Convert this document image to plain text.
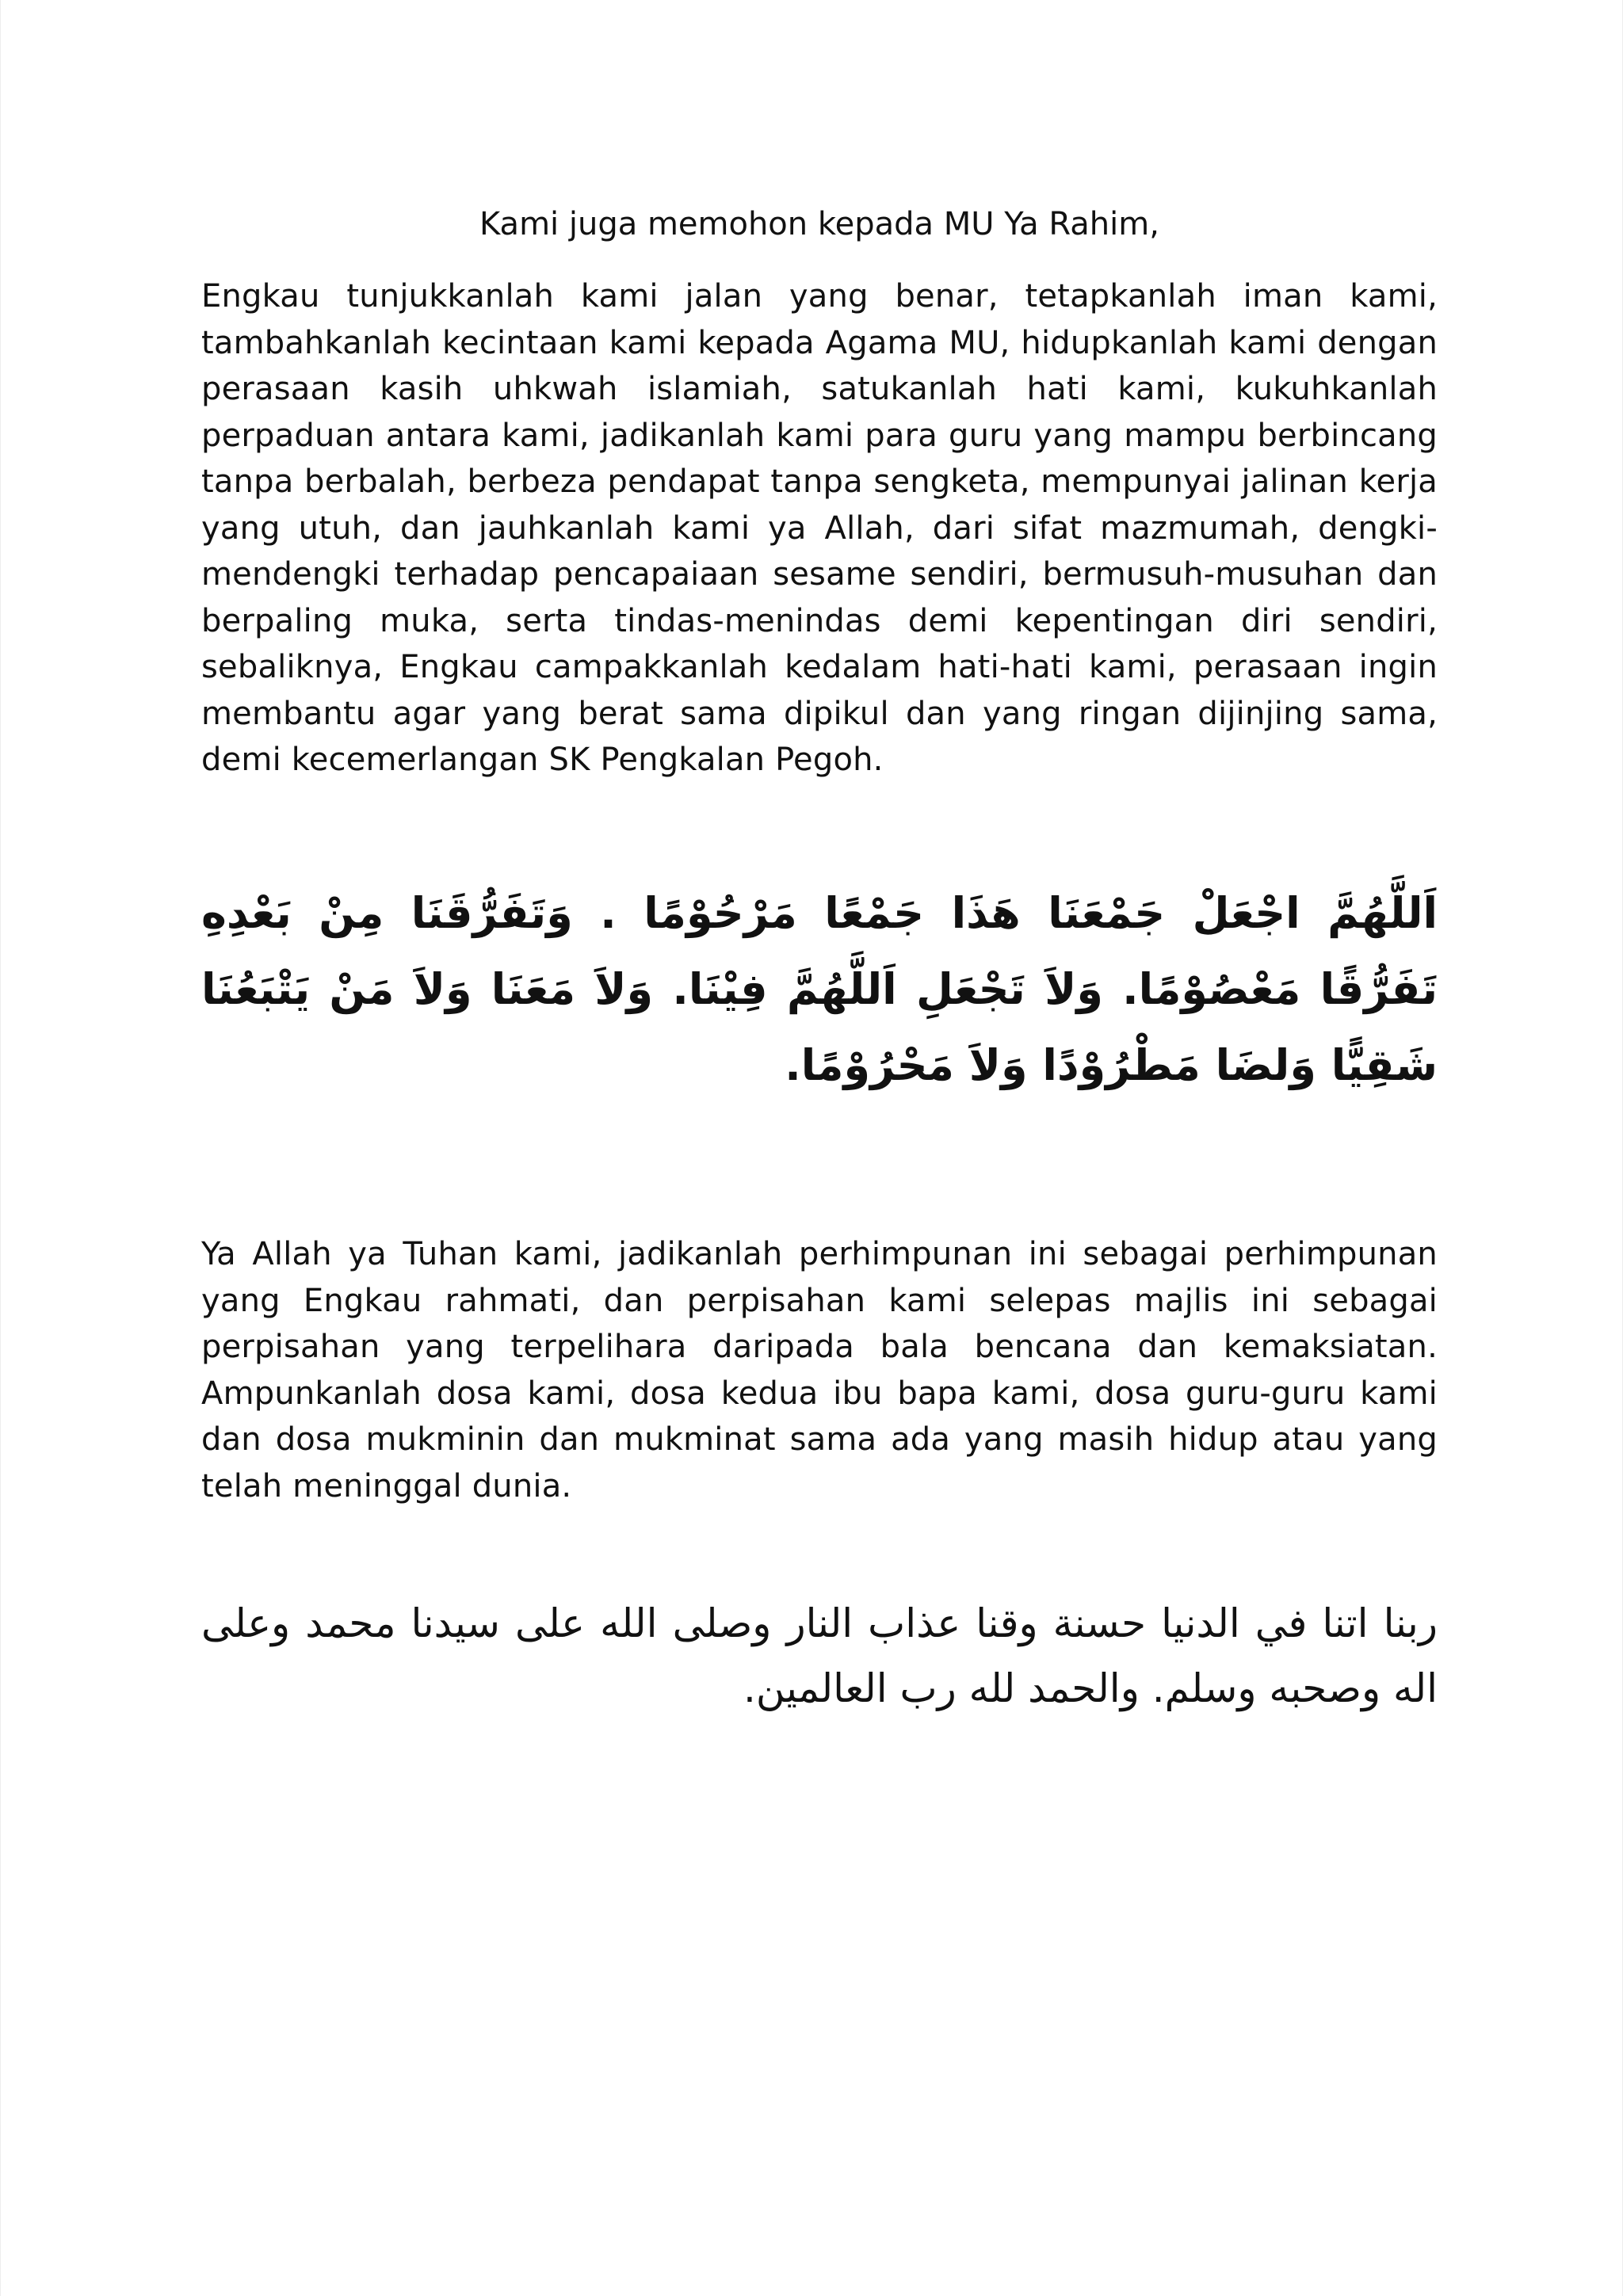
Kami juga memohon kepada MU Ya Rahim,

Engkau tunjukkanlah kami jalan yang benar, tetapkanlah iman kami, tambahkanlah kecintaan kami kepada Agama MU, hidupkanlah kami dengan perasaan kasih uhkwah islamiah, satukanlah hati kami, kukuhkanlah perpaduan antara kami, jadikanlah kami para guru yang mampu berbincang tanpa berbalah, berbeza pendapat tanpa sengketa, mempunyai jalinan kerja yang utuh, dan jauhkanlah kami ya Allah, dari sifat mazmumah, dengki-mendengki terhadap pencapaiaan sesame sendiri, bermusuh-musuhan dan berpaling muka, serta tindas-menindas demi kepentingan diri sendiri, sebaliknya, Engkau campakkanlah kedalam hati-hati kami, perasaan ingin membantu agar yang berat sama dipikul dan yang ringan dijinjing sama, demi kecemerlangan SK Pengkalan Pegoh.

اَللَّهُمَّ اجْعَلْ جَمْعَنَا هَذَا جَمْعًا مَرْحُوْمًا . وَتَفَرُّقَنَا مِنْ بَعْدِهِ تَفَرُّقًا مَعْصُوْمًا. وَلاَ تَجْعَلِ اَللَّهُمَّ فِيْنَا. وَلاَ مَعَنَا وَلاَ مَنْ يَتْبَعُنَا شَقِيًّا وَلضَا مَطْرُوْدًا وَلاَ مَحْرُوْمًا.

Ya Allah ya Tuhan kami, jadikanlah perhimpunan ini sebagai perhimpunan yang Engkau rahmati, dan perpisahan kami selepas majlis ini sebagai perpisahan yang terpelihara daripada bala bencana dan kemaksiatan. Ampunkanlah dosa kami, dosa kedua ibu bapa kami, dosa guru-guru kami dan dosa mukminin dan mukminat sama ada yang masih hidup atau yang telah meninggal dunia.

ربنا اتنا في الدنيا حسنة وقنا عذاب النار وصلى الله على سيدنا محمد وعلى اله وصحبه وسلم. والحمد لله رب العالمين.
